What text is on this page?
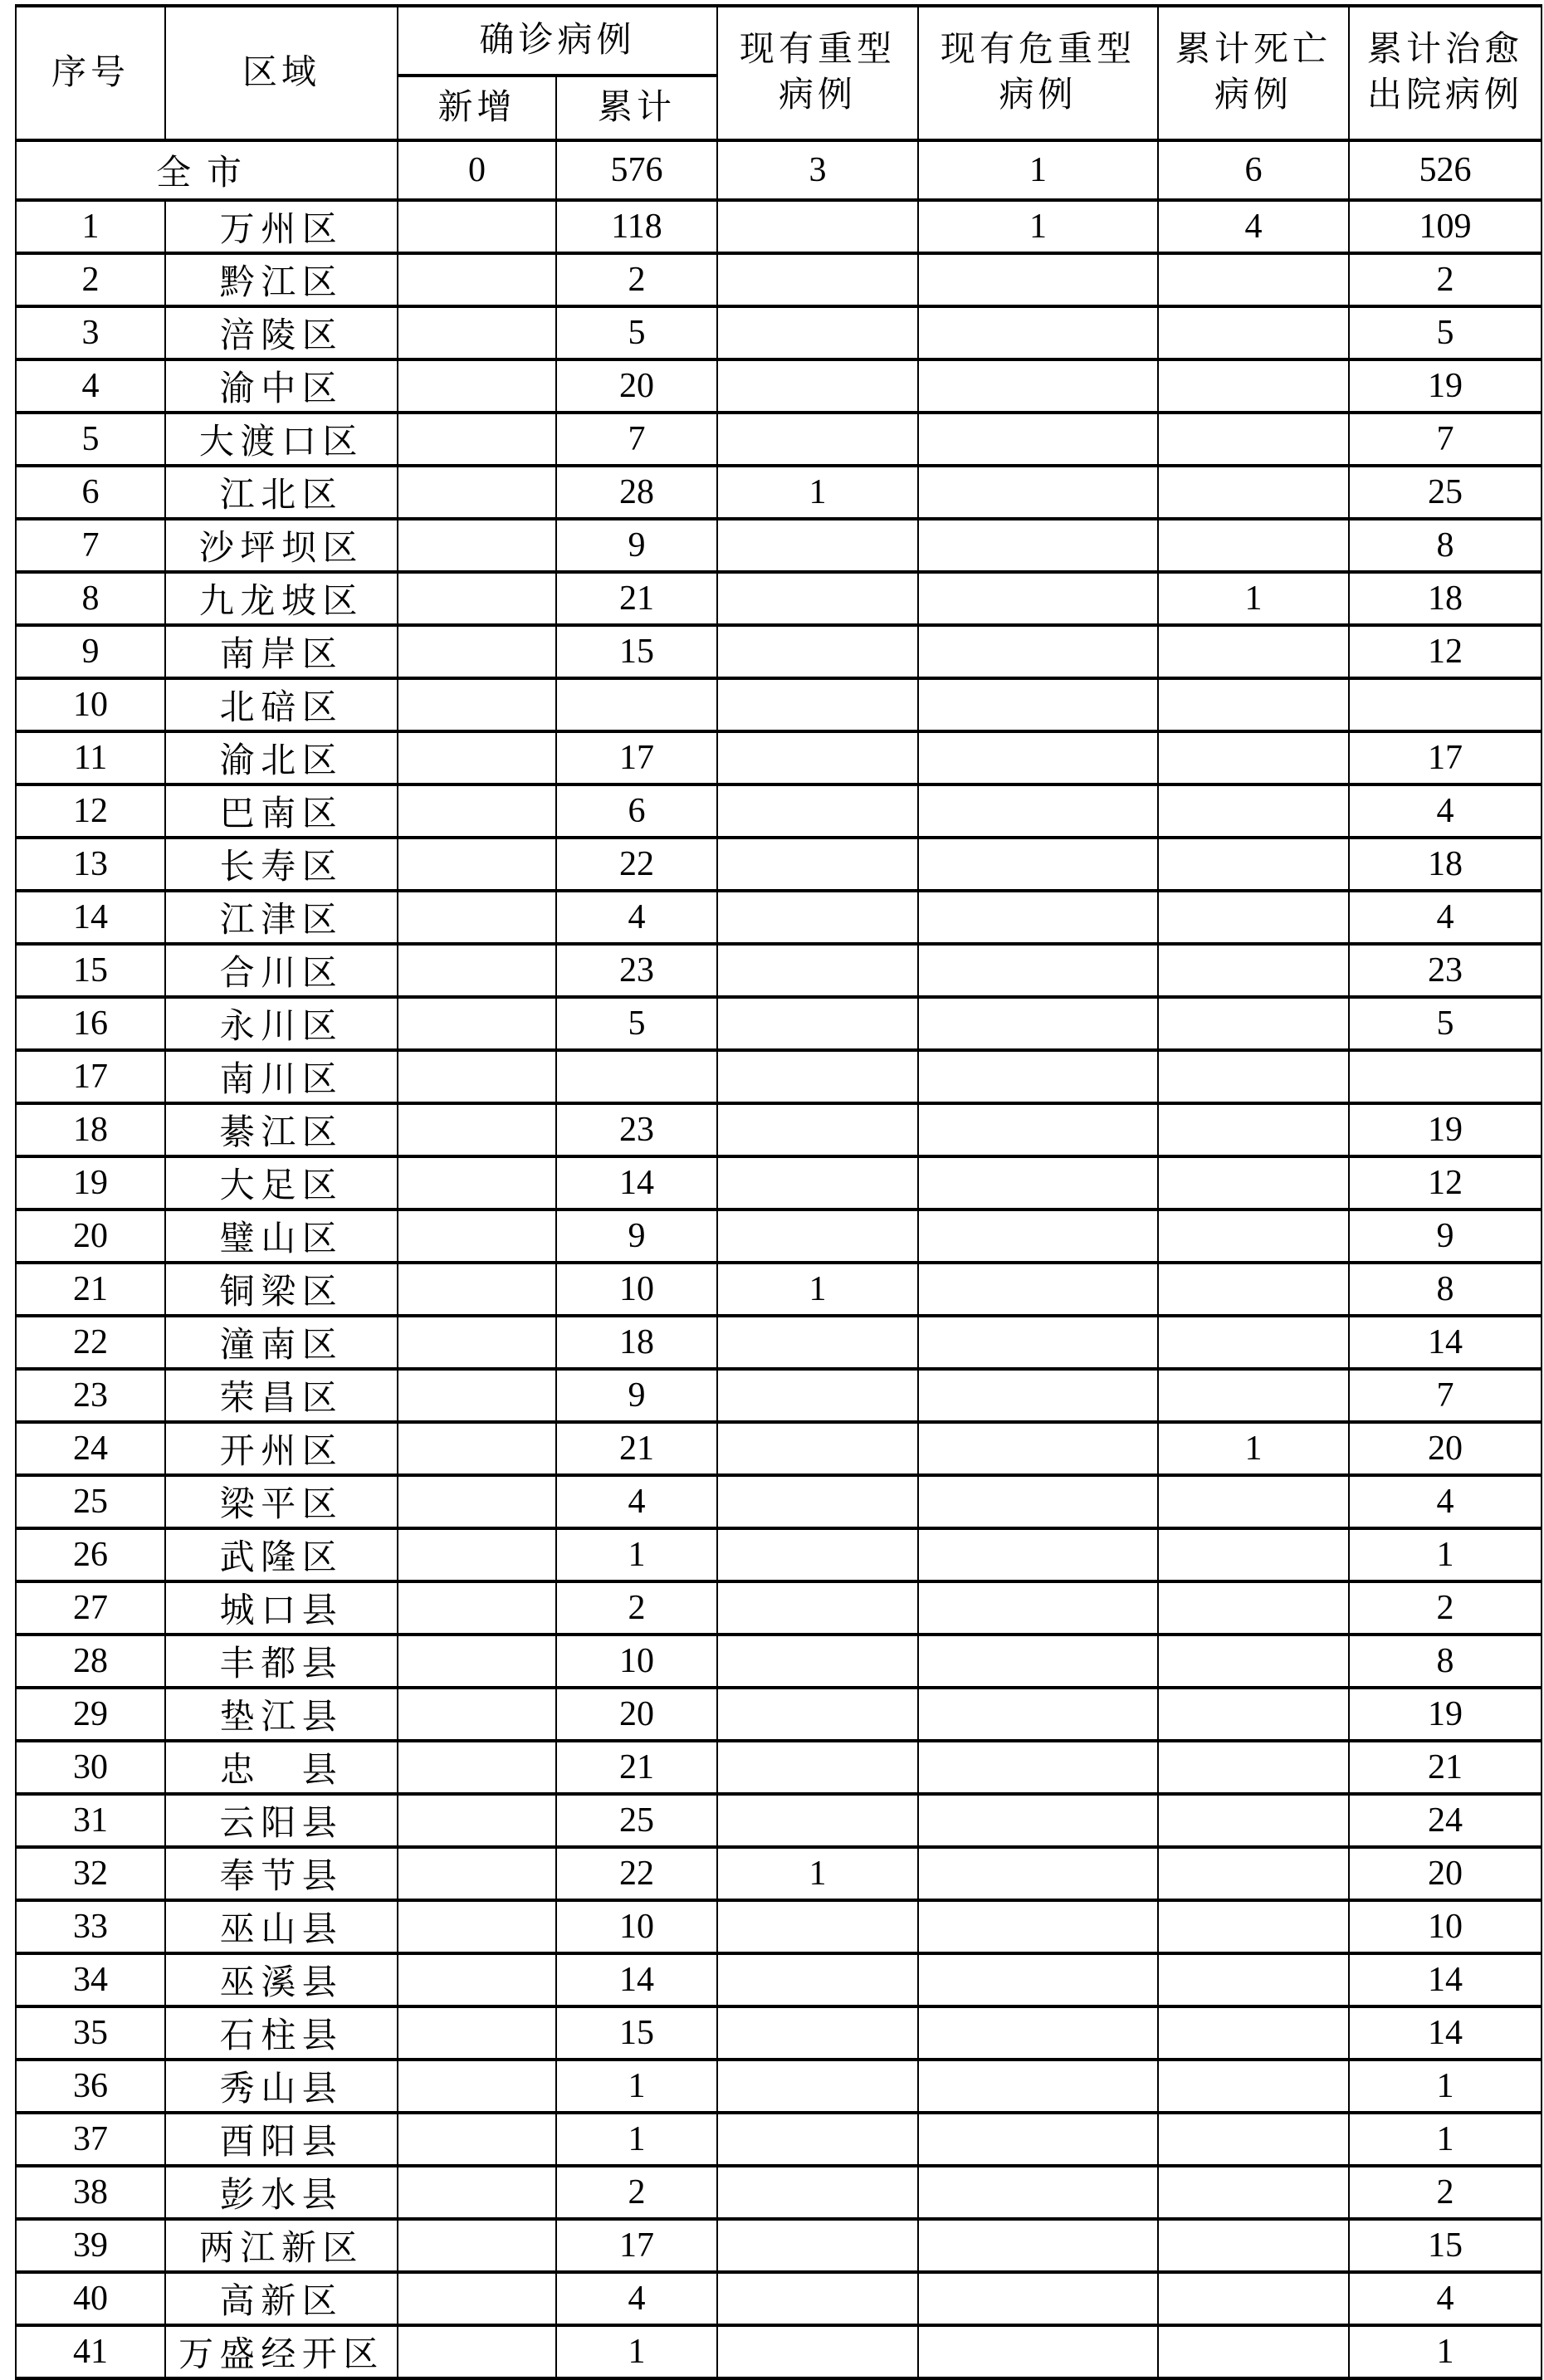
序号	区域	确诊病例		现有重型病例	现有危重型病例	累计死亡病例	累计治愈出院病例
		新增	累计				
全市		0	576	3	1	6	526
1	万州区		118		1	4	109
2	黔江区		2				2
3	涪陵区		5				5
4	渝中区		20				19
5	大渡口区		7				7
6	江北区		28	1			25
7	沙坪坝区		9				8
8	九龙坡区		21			1	18
9	南岸区		15				12
10	北碚区						
11	渝北区		17				17
12	巴南区		6				4
13	长寿区		22				18
14	江津区		4				4
15	合川区		23				23
16	永川区		5				5
17	南川区						
18	綦江区		23				19
19	大足区		14				12
20	璧山区		9				9
21	铜梁区		10	1			8
22	潼南区		18				14
23	荣昌区		9				7
24	开州区		21			1	20
25	梁平区		4				4
26	武隆区		1				1
27	城口县		2				2
28	丰都县		10				8
29	垫江县		20				19
30	忠　县		21				21
31	云阳县		25				24
32	奉节县		22	1			20
33	巫山县		10				10
34	巫溪县		14				14
35	石柱县		15				14
36	秀山县		1				1
37	酉阳县		1				1
38	彭水县		2				2
39	两江新区		17				15
40	高新区		4				4
41	万盛经开区		1				1
